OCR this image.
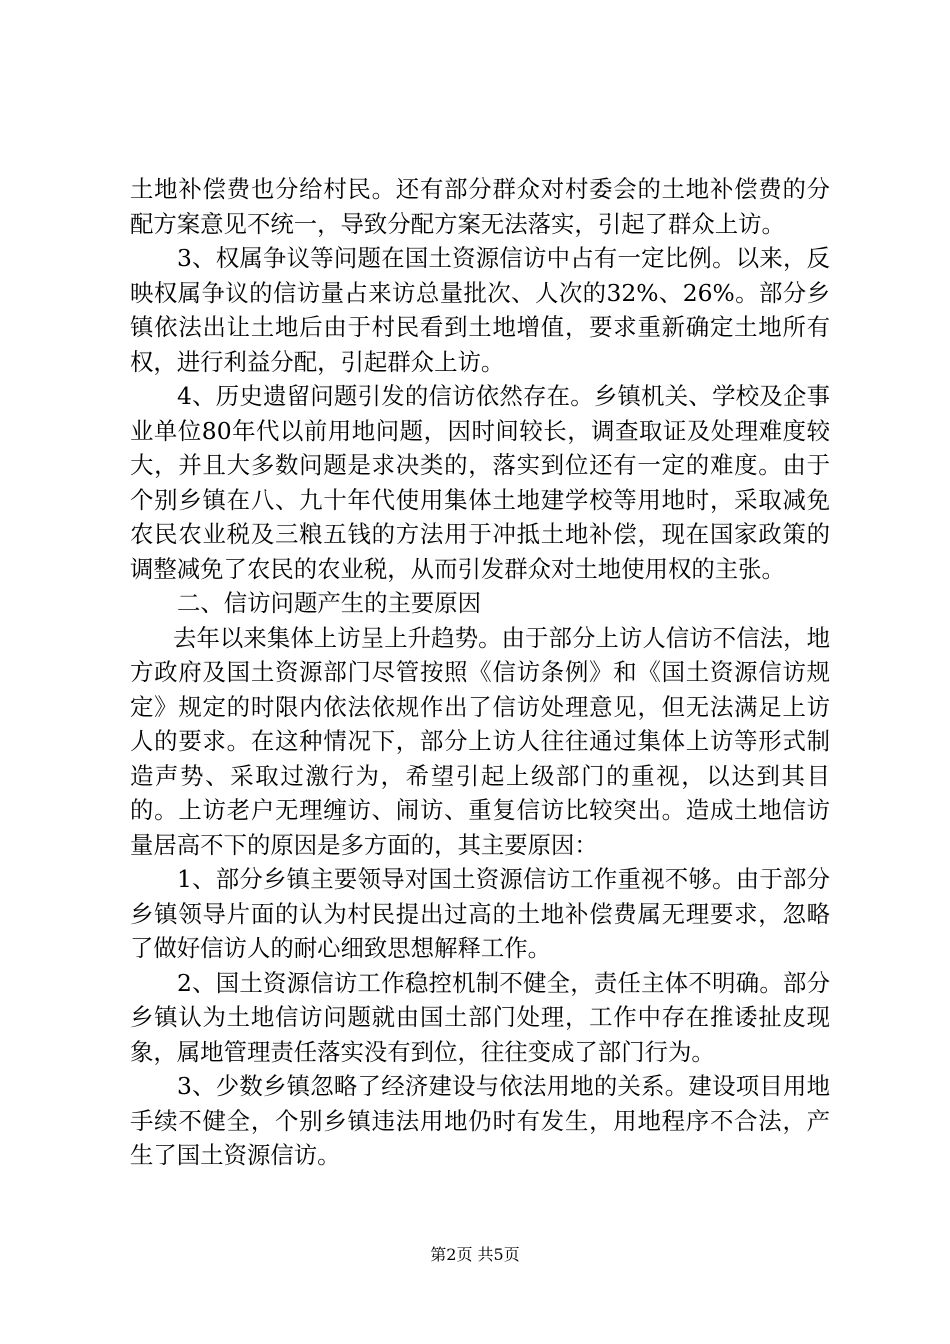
土地补偿费也分给村民。还有部分群众对村委会的土地补偿费的分配方案意见不统一，导致分配方案无法落实，引起了群众上访。

3、权属争议等问题在国土资源信访中占有一定比例。以来，反映权属争议的信访量占来访总量批次、人次的32%、26%。部分乡镇依法出让土地后由于村民看到土地增值，要求重新确定土地所有权，进行利益分配，引起群众上访。

4、历史遗留问题引发的信访依然存在。乡镇机关、学校及企事业单位80年代以前用地问题，因时间较长，调查取证及处理难度较大，并且大多数问题是求决类的，落实到位还有一定的难度。由于个别乡镇在八、九十年代使用集体土地建学校等用地时，采取减免农民农业税及三粮五钱的方法用于冲抵土地补偿，现在国家政策的调整减免了农民的农业税，从而引发群众对土地使用权的主张。

二、信访问题产生的主要原因

去年以来集体上访呈上升趋势。由于部分上访人信访不信法，地方政府及国土资源部门尽管按照《信访条例》和《国土资源信访规定》规定的时限内依法依规作出了信访处理意见，但无法满足上访人的要求。在这种情况下，部分上访人往往通过集体上访等形式制造声势、采取过激行为，希望引起上级部门的重视，以达到其目的。上访老户无理缠访、闹访、重复信访比较突出。造成土地信访量居高不下的原因是多方面的，其主要原因：

1、部分乡镇主要领导对国土资源信访工作重视不够。由于部分乡镇领导片面的认为村民提出过高的土地补偿费属无理要求，忽略了做好信访人的耐心细致思想解释工作。

2、国土资源信访工作稳控机制不健全，责任主体不明确。部分乡镇认为土地信访问题就由国土部门处理，工作中存在推诿扯皮现象，属地管理责任落实没有到位，往往变成了部门行为。

3、少数乡镇忽略了经济建设与依法用地的关系。建设项目用地手续不健全，个别乡镇违法用地仍时有发生，用地程序不合法，产生了国土资源信访。

第2页 共5页
